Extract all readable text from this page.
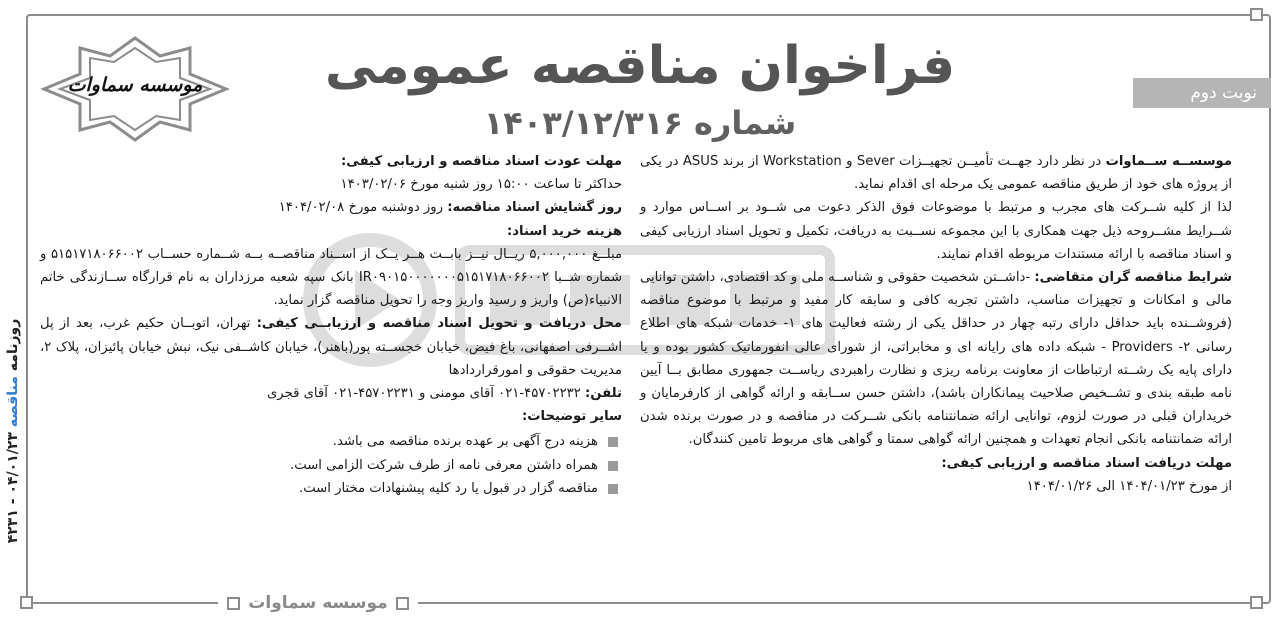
موسسه سماوات
نوبت دوم
فراخوان مناقصه عمومی
شماره ۱۴۰۳/۱۲/۳۱۶
موسسه سماوات

موسســه ســماوات در نظر دارد جهــت تأمیــن تجهیــزات Sever و Workstation از برند ASUS در یکی از پروژه های خود از طریق مناقصه عمومی یک مرحله ای اقدام نماید.

لذا از کلیه شــرکت های مجرب و مرتبط با موضوعات فوق الذکر دعوت می شــود بر اســاس موارد و شــرایط مشــروحه ذیل جهت همکاری با این مجموعه نســبت به دریافت، تکمیل و تحویل اسناد ارزیابی کیفی و اسناد مناقصه با ارائه مستندات مربوطه اقدام نمایند.

شرایط مناقصه گران متقاضی: -داشــتن شخصیت حقوقی و شناســه ملی و کد اقتصادی، داشتن توانایی مالی و امکانات و تجهیزات مناسب، داشتن تجربه کافی و سابقه کار مفید و مرتبط با موضوع مناقصه (فروشــنده باید حداقل دارای رتبه چهار در حداقل یکی از رشته فعالیت های ۱- خدمات شبکه های اطلاع رسانی ۲- Providers - شبکه داده های رایانه ای و مخابراتی، از شورای عالی انفورماتیک کشور بوده و یا دارای پایه یک رشــته ارتباطات از معاونت برنامه ریزی و نظارت راهبردی ریاســت جمهوری مطابق بــا آیین نامه طبقه بندی و تشــخیص صلاحیت پیمانکاران باشد)، داشتن حسن ســابقه و ارائه گواهی از کارفرمایان و خریداران قبلی در صورت لزوم، توانایی ارائه ضمانتنامه بانکی شــرکت در مناقصه و در صورت برنده شدن ارائه ضمانتنامه بانکی انجام تعهدات و همچنین ارائه گواهی سمتا و گواهی های مربوط تامین کنندگان.

مهلت دریافت اسناد مناقصه و ارزیابی کیفی:

از مورخ ۱۴۰۴/۰۱/۲۳ الی ۱۴۰۴/۰۱/۲۶

مهلت عودت اسناد مناقصه و ارزیابی کیفی:

حداکثر تا ساعت ۱۵:۰۰ روز شنبه مورخ ۱۴۰۳/۰۲/۰۶

روز گشایش اسناد مناقصه: روز دوشنبه مورخ ۱۴۰۴/۰۲/۰۸

هزینه خرید اسناد:

مبلــغ ۵,۰۰۰,۰۰۰ ریــال نیــز بابــت هــر یــک از اســناد مناقصــه بــه شــماره حســاب ۵۱۵۱۷۱۸۰۶۶۰۰۲ و شماره شــبا IR۰۹۰۱۵۰۰۰۰۰۰۰۵۱۵۱۷۱۸۰۶۶۰۰۲ بانک سپه شعبه مرزداران به نام قرارگاه ســازندگی خاتم الانبیاء(ص) واریز و رسید واریز وجه را تحویل مناقصه گزار نماید.

محل دریافت و تحویل اسناد مناقصه و ارزیابــی کیفی: تهران، اتوبــان حکیم غرب، بعد از پل اشــرفی اصفهانی، باغ فیض، خیابان خجســته پور(باهنر)، خیابان کاشــفی نیک، نبش خیابان پائیزان، پلاک ۲، مدیریت حقوقی و امورقراردادها

تلفن: ۴۵۷۰۲۲۳۲-۰۲۱ آقای مومنی و ۴۵۷۰۲۲۳۱-۰۲۱ آقای قجری

سایر توضیحات:

هزینه درج آگهی بر عهده برنده مناقصه می باشد.
همراه داشتن معرفی نامه از طرف شرکت الزامی است.
مناقصه گزار در قبول یا رد کلیه پیشنهادات مختار است.
روزنامه مناقصه ۰۴/۰۱/۲۳ - ۴۲۳۱
